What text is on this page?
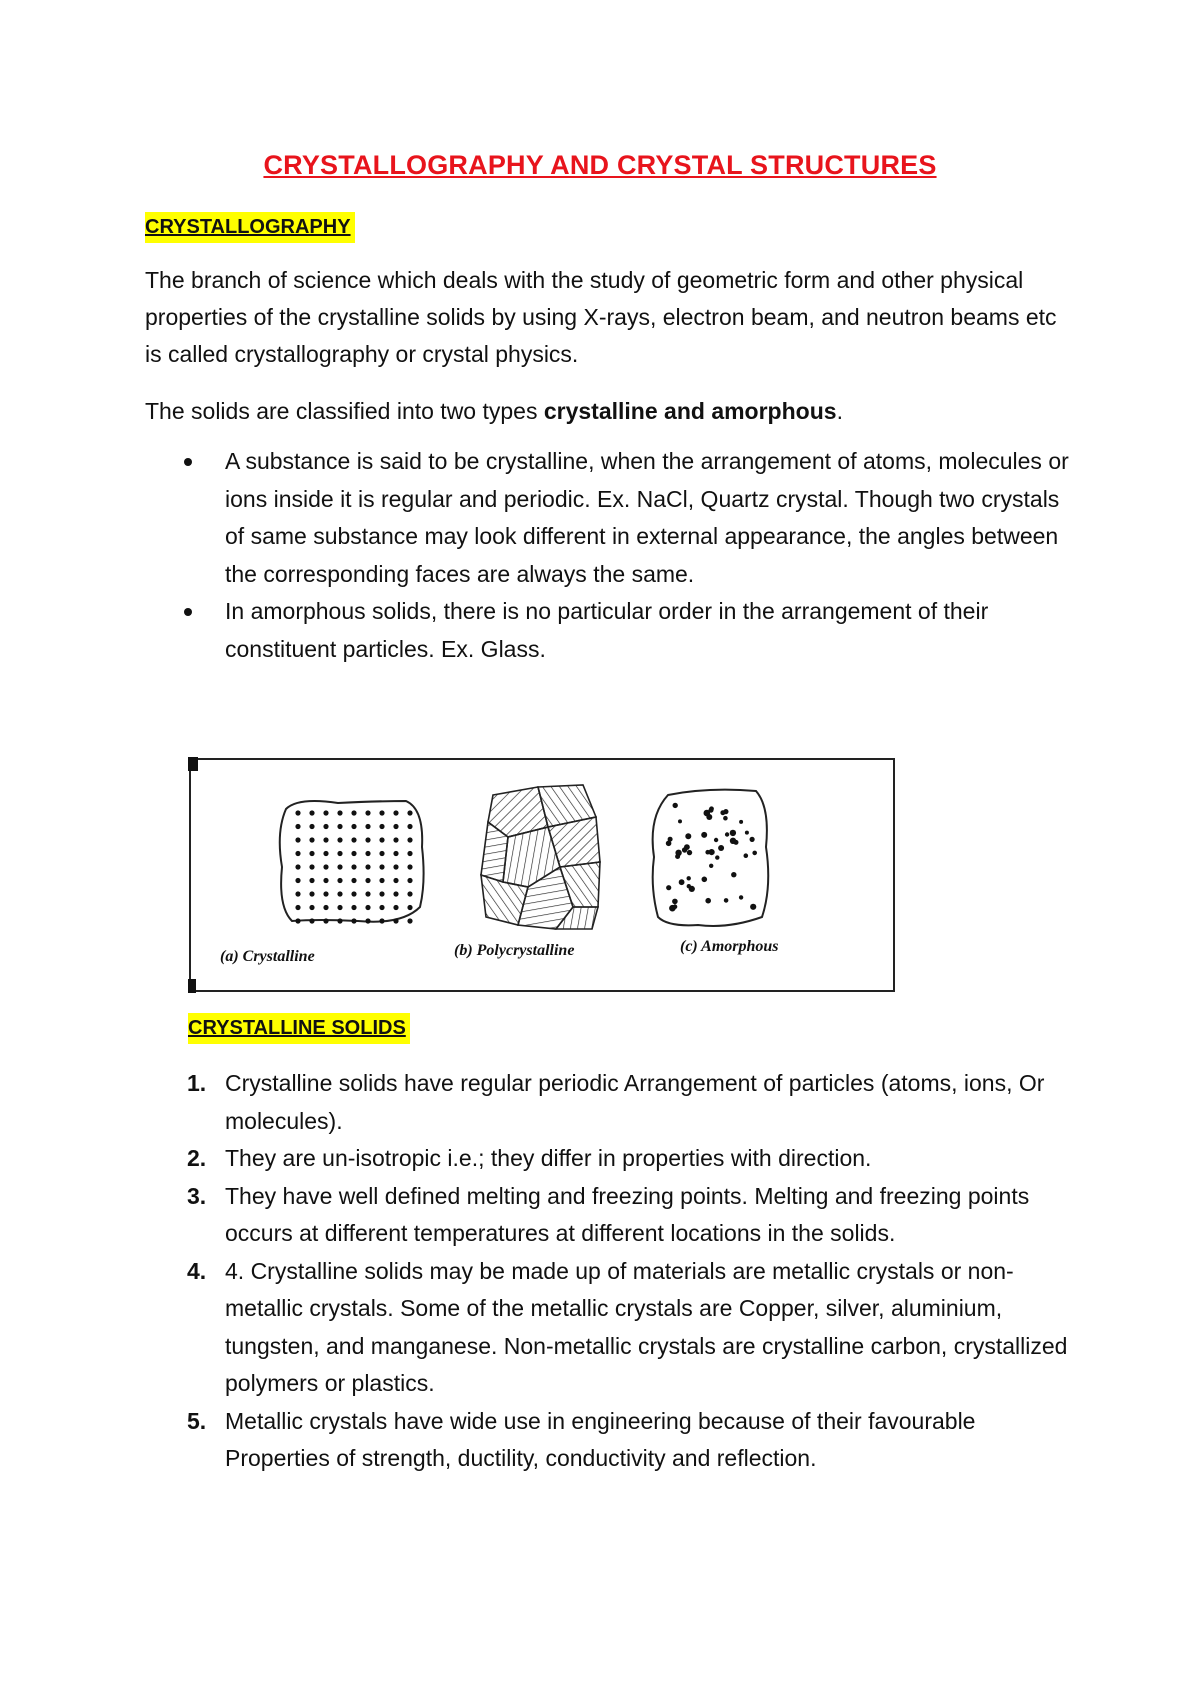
CRYSTALLOGRAPHY AND CRYSTAL STRUCTURES
CRYSTALLOGRAPHY

The branch of science which deals with the study of geometric form and other physical properties of the crystalline solids by using X-rays, electron beam, and neutron beams etc is called crystallography or crystal physics.

The solids are classified into two types crystalline and amorphous.

A substance is said to be crystalline, when the arrangement of atoms, molecules or ions inside it is regular and periodic. Ex. NaCl, Quartz crystal. Though two crystals of same substance may look different in external appearance, the angles between the corresponding faces are always the same.
In amorphous solids, there is no particular order in the arrangement of their constituent particles. Ex. Glass.
(a) Crystalline	(b) Polycrystalline	(c) Amorphous
CRYSTALLINE SOLIDS
1. Crystalline solids have regular periodic Arrangement of particles (atoms, ions, Or molecules).
2. They are un-isotropic i.e.; they differ in properties with direction.
3. They have well defined melting and freezing points. Melting and freezing points occurs at different temperatures at different locations in the solids.
4. 4. Crystalline solids may be made up of materials are metallic crystals or non-metallic crystals. Some of the metallic crystals are Copper, silver, aluminium, tungsten, and manganese. Non-metallic crystals are crystalline carbon, crystallized polymers or plastics.
5. Metallic crystals have wide use in engineering because of their favourable Properties of strength, ductility, conductivity and reflection.
